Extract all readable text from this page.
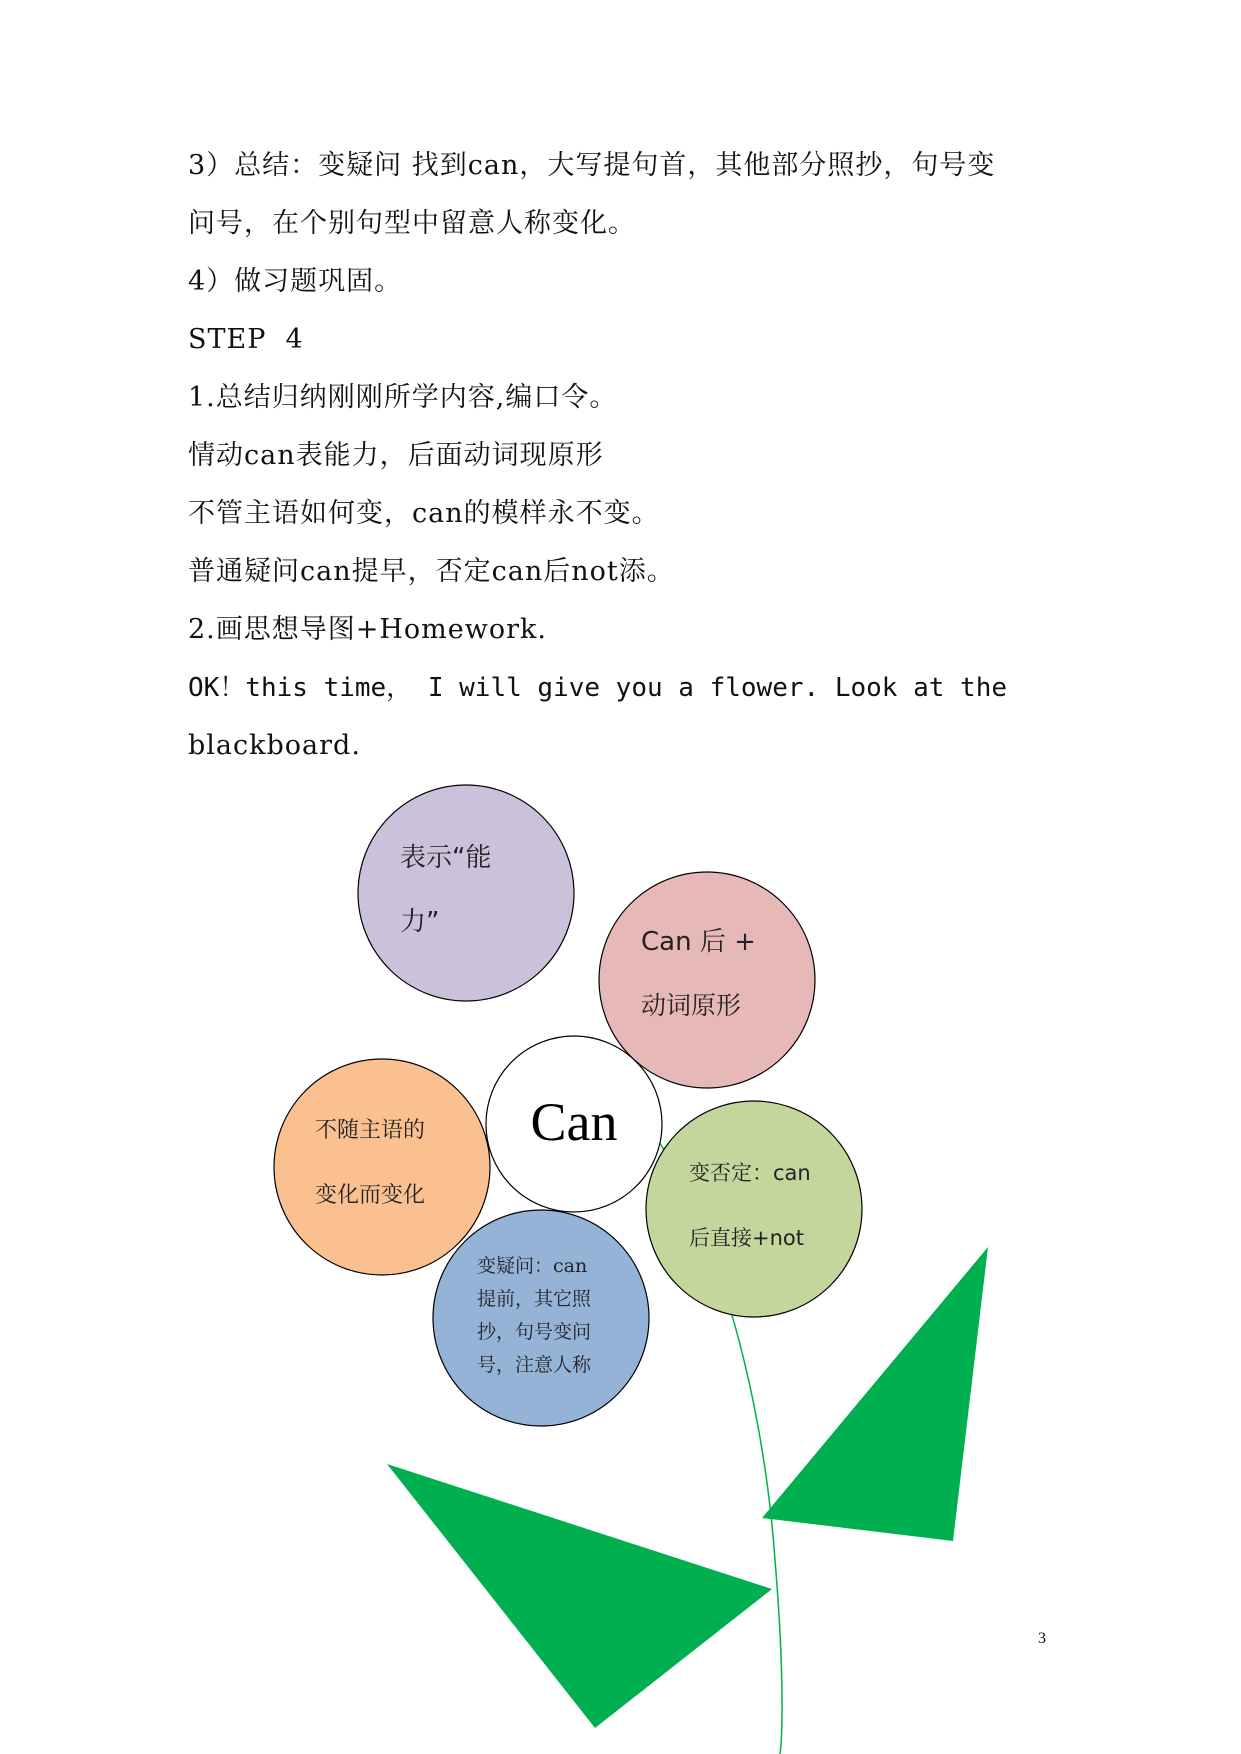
3）总结：变疑问 找到can，大写提句首，其他部分照抄，句号变
问号，在个别句型中留意人称变化。
4）做习题巩固。
STEP  4
1.总结归纳刚刚所学内容,编口令。
情动can表能力，后面动词现原形
不管主语如何变，can的模样永不变。
普通疑问can提早，否定can后not添。
2.画思想导图+Homework.
OK！this time， I will give you a flower. Look at the
blackboard.
表示“能
力”
Can 后 +
动词原形
Can
不随主语的
变化而变化
变否定：can
后直接+not
变疑问：can
提前，其它照
抄，句号变问
号，注意人称
3
